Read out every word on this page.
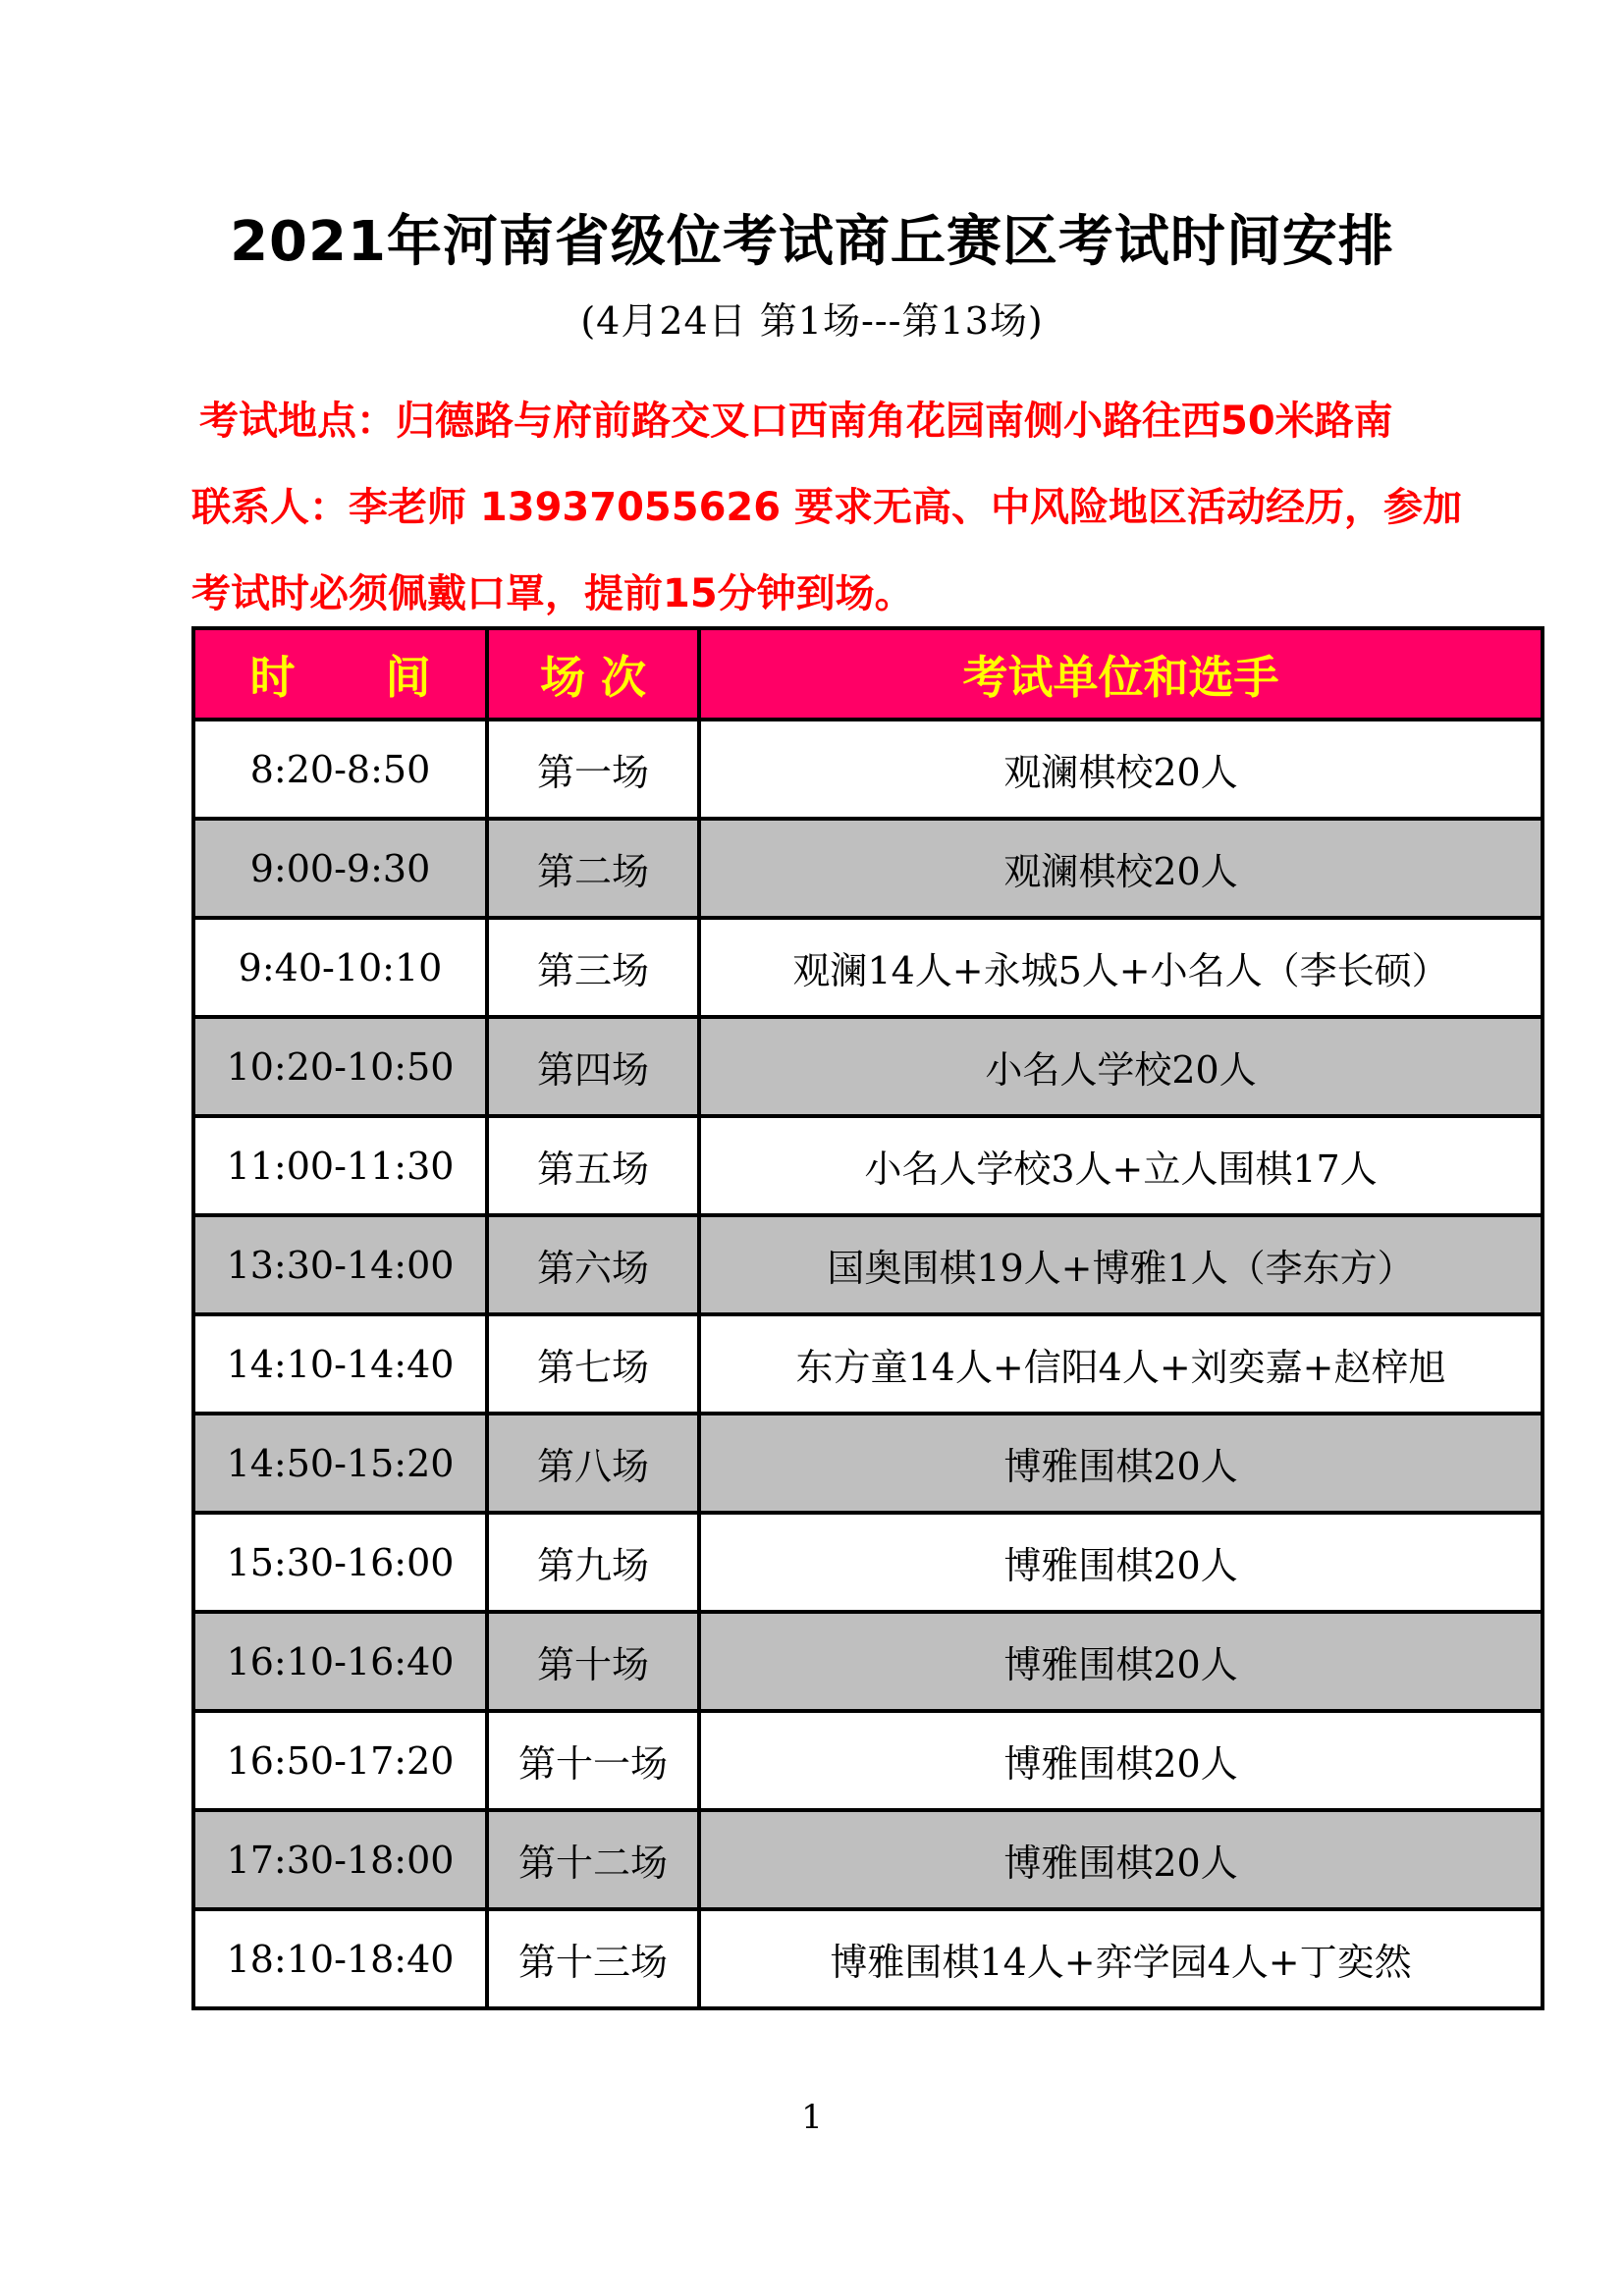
2021年河南省级位考试商丘赛区考试时间安排
(4月24日 第1场---第13场)
考试地点：归德路与府前路交叉口西南角花园南侧小路往西50米路南
联系人：李老师 13937055626 要求无高、中风险地区活动经历，参加
考试时必须佩戴口罩，提前15分钟到场。
时　　间	场 次	考试单位和选手
8:20-8:50	第一场	观澜棋校20人
9:00-9:30	第二场	观澜棋校20人
9:40-10:10	第三场	观澜14人+永城5人+小名人（李长硕）
10:20-10:50	第四场	小名人学校20人
11:00-11:30	第五场	小名人学校3人+立人围棋17人
13:30-14:00	第六场	国奥围棋19人+博雅1人（李东方）
14:10-14:40	第七场	东方童14人+信阳4人+刘奕嘉+赵梓旭
14:50-15:20	第八场	博雅围棋20人
15:30-16:00	第九场	博雅围棋20人
16:10-16:40	第十场	博雅围棋20人
16:50-17:20	第十一场	博雅围棋20人
17:30-18:00	第十二场	博雅围棋20人
18:10-18:40	第十三场	博雅围棋14人+弈学园4人+丁奕然
1
